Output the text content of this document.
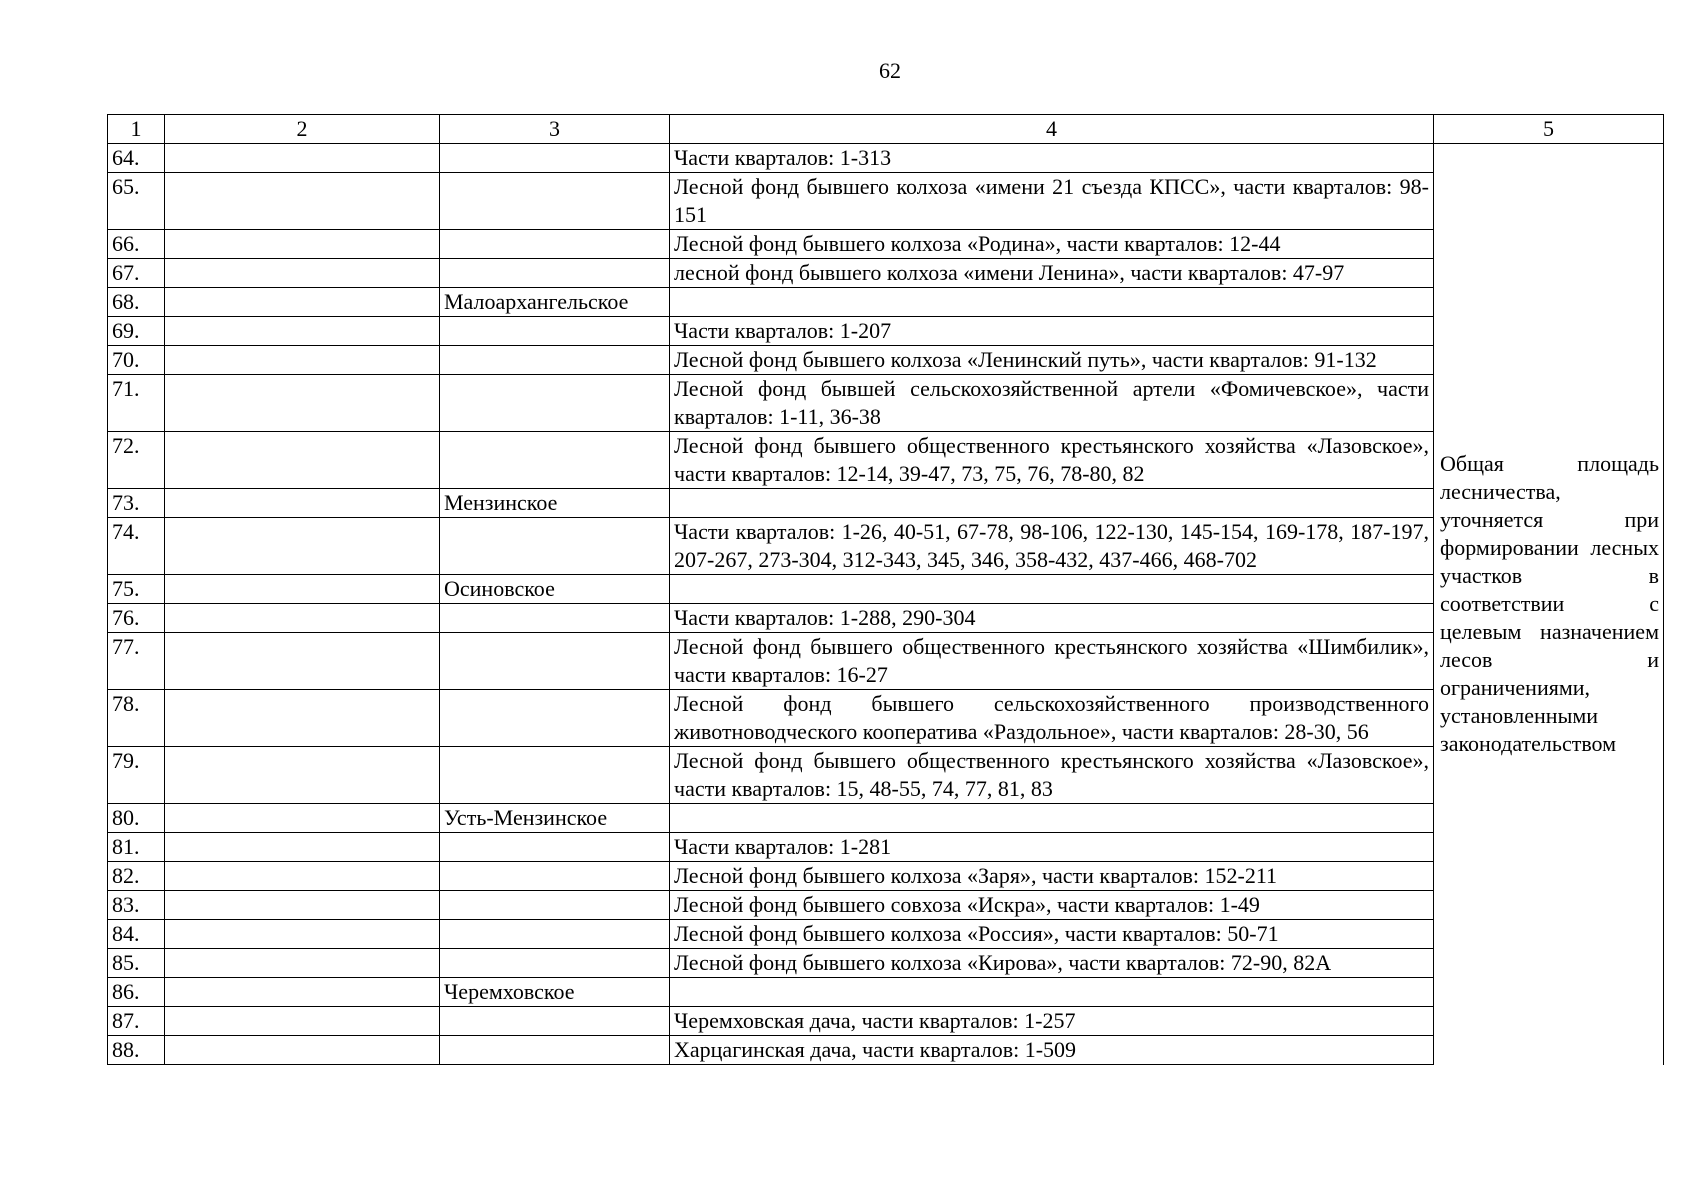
62
1	2	3	4	5
64.			Части кварталов: 1-313	Общая площадь лесничества, уточняется при формировании лесных участков в соответствии с целевым назначением лесов и ограничениями, установленными законодательством
65.			Лесной фонд бывшего колхоза «имени 21 съезда КПСС», части кварталов: 98-151	
66.			Лесной фонд бывшего колхоза «Родина», части кварталов: 12-44	
67.			лесной фонд бывшего колхоза «имени Ленина», части кварталов: 47-97	
68.		Малоархангельское		
69.			Части кварталов: 1-207	
70.			Лесной фонд бывшего колхоза «Ленинский путь», части кварталов: 91-132	
71.			Лесной фонд бывшей сельскохозяйственной артели «Фомичевское», части кварталов: 1-11, 36-38	
72.			Лесной фонд бывшего общественного крестьянского хозяйства «Лазовское», части кварталов: 12-14, 39-47, 73, 75, 76, 78-80, 82	
73.		Мензинское		
74.			Части кварталов: 1-26, 40-51, 67-78, 98-106, 122-130, 145-154, 169-178, 187-197, 207-267, 273-304, 312-343, 345, 346, 358-432, 437-466, 468-702	
75.		Осиновское		
76.			Части кварталов: 1-288, 290-304	
77.			Лесной фонд бывшего общественного крестьянского хозяйства «Шимбилик», части кварталов: 16-27	
78.			Лесной фонд бывшего сельскохозяйственного производственного животноводческого кооператива «Раздольное», части кварталов: 28-30, 56	
79.			Лесной фонд бывшего общественного крестьянского хозяйства «Лазовское», части кварталов: 15, 48-55, 74, 77, 81, 83	
80.		Усть-Мензинское		
81.			Части кварталов: 1-281	
82.			Лесной фонд бывшего колхоза «Заря», части кварталов: 152-211	
83.			Лесной фонд бывшего совхоза «Искра», части кварталов: 1-49	
84.			Лесной фонд бывшего колхоза «Россия», части кварталов: 50-71	
85.			Лесной фонд бывшего колхоза «Кирова», части кварталов: 72-90, 82А	
86.		Черемховское		
87.			Черемховская дача, части кварталов: 1-257	
88.			Харцагинская дача, части кварталов: 1-509	
